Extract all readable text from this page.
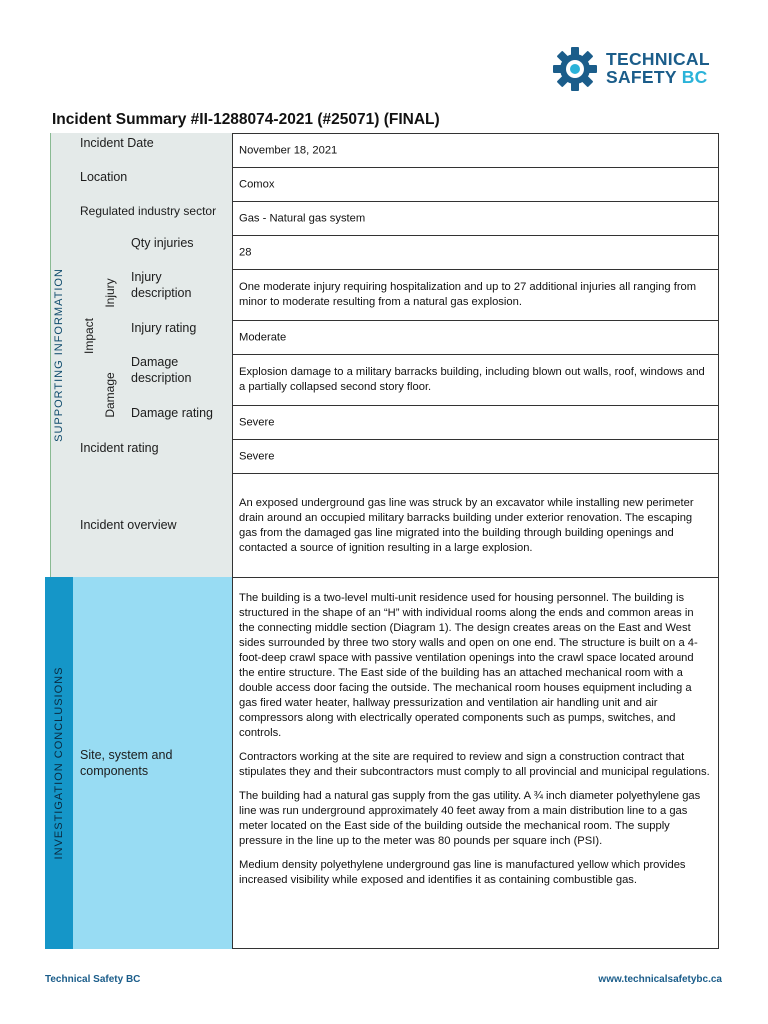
TECHNICAL
SAFETY BC
Incident Summary #II-1288074-2021 (#25071) (FINAL)
SUPPORTING INFORMATION
INVESTIGATION CONCLUSIONS
Incident Date
Location
Regulated industry sector
Impact
Injury
Damage
Qty injuries
Injury
description
Injury rating
Damage
description
Damage rating
Incident rating
Incident overview
Site, system and
components
November 18, 2021
Comox
Gas - Natural gas system
28
One moderate injury requiring hospitalization and up to 27 additional injuries all ranging from minor to moderate resulting from a natural gas explosion.
Moderate
Explosion damage to a military barracks building, including blown out walls, roof, windows and a partially collapsed second story floor.
Severe
Severe
An exposed underground gas line was struck by an excavator while installing new perimeter drain around an occupied military barracks building under exterior renovation. The escaping gas from the damaged gas line migrated into the building through building openings and contacted a source of ignition resulting in a large explosion.

The building is a two-level multi-unit residence used for housing personnel. The building is structured in the shape of an “H” with individual rooms along the ends and common areas in the connecting middle section (Diagram 1). The design creates areas on the East and West sides surrounded by three two story walls and open on one end. The structure is built on a 4-foot-deep crawl space with passive ventilation openings into the crawl space located around the entire structure. The East side of the building has an attached mechanical room with a double access door facing the outside. The mechanical room houses equipment including a gas fired water heater, hallway pressurization and ventilation air handling unit and air compressors along with electrically operated components such as pumps, switches, and controls.

Contractors working at the site are required to review and sign a construction contract that stipulates they and their subcontractors must comply to all provincial and municipal regulations.

The building had a natural gas supply from the gas utility. A ¾ inch diameter polyethylene gas line was run underground approximately 40 feet away from a main distribution line to a gas meter located on the East side of the building outside the mechanical room. The supply pressure in the line up to the meter was 80 pounds per square inch (PSI).

Medium density polyethylene underground gas line is manufactured yellow which provides increased visibility while exposed and identifies it as containing combustible gas.

Technical Safety BC	www.technicalsafetybc.ca
